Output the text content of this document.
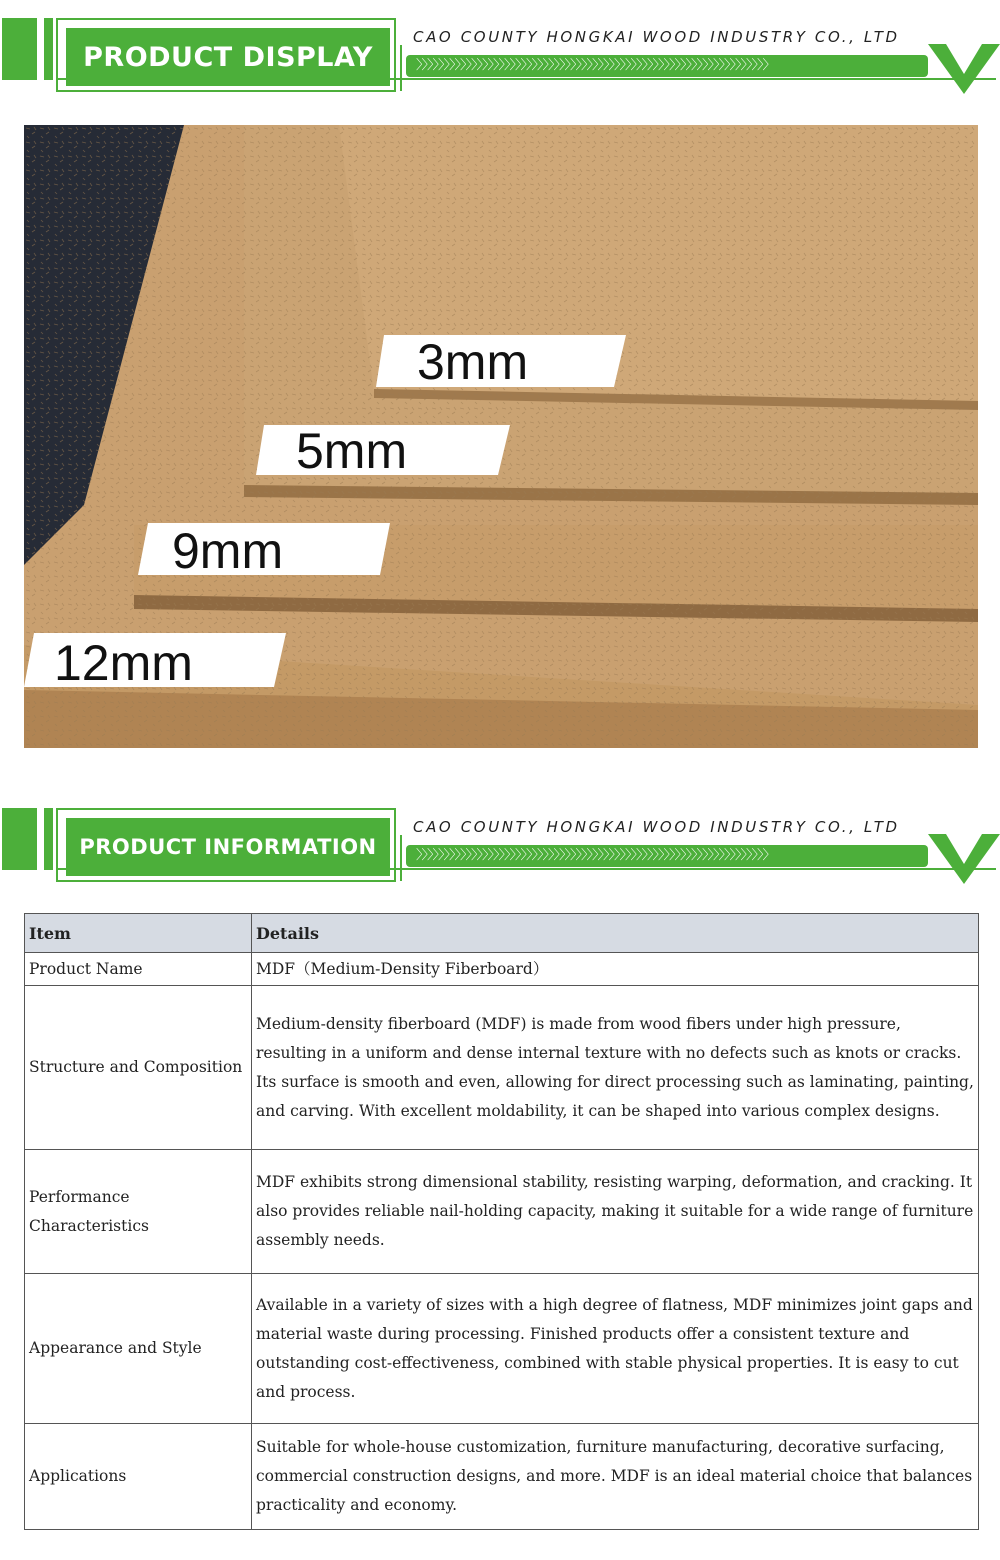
PRODUCT DISPLAY
CAO COUNTY HONGKAI WOOD INDUSTRY CO., LTD
〉〉〉〉〉〉〉〉〉〉〉〉〉〉〉〉〉〉〉〉〉〉〉〉〉〉〉〉〉〉〉〉〉〉〉〉〉〉〉〉〉〉〉〉〉〉〉〉〉〉〉〉〉〉〉〉〉〉〉〉〉〉〉〉
3mm
5mm
9mm
12mm
PRODUCT INFORMATION
CAO COUNTY HONGKAI WOOD INDUSTRY CO., LTD
〉〉〉〉〉〉〉〉〉〉〉〉〉〉〉〉〉〉〉〉〉〉〉〉〉〉〉〉〉〉〉〉〉〉〉〉〉〉〉〉〉〉〉〉〉〉〉〉〉〉〉〉〉〉〉〉〉〉〉〉〉〉〉〉
Item	Details
Product Name	MDF（Medium-Density Fiberboard）
Structure and Composition	Medium-density fiberboard (MDF) is made from wood fibers under high pressure, resulting in a uniform and dense internal texture with no defects such as knots or cracks. Its surface is smooth and even, allowing for direct processing such as laminating, painting, and carving. With excellent moldability, it can be shaped into various complex designs.
Performance Characteristics	MDF exhibits strong dimensional stability, resisting warping, deformation, and cracking. It also provides reliable nail-holding capacity, making it suitable for a wide range of furniture assembly needs.
Appearance and Style	Available in a variety of sizes with a high degree of flatness, MDF minimizes joint gaps and material waste during processing. Finished products offer a consistent texture and outstanding cost-effectiveness, combined with stable physical properties. It is easy to cut and process.
Applications	Suitable for whole-house customization, furniture manufacturing, decorative surfacing, commercial construction designs, and more. MDF is an ideal material choice that balances practicality and economy.
